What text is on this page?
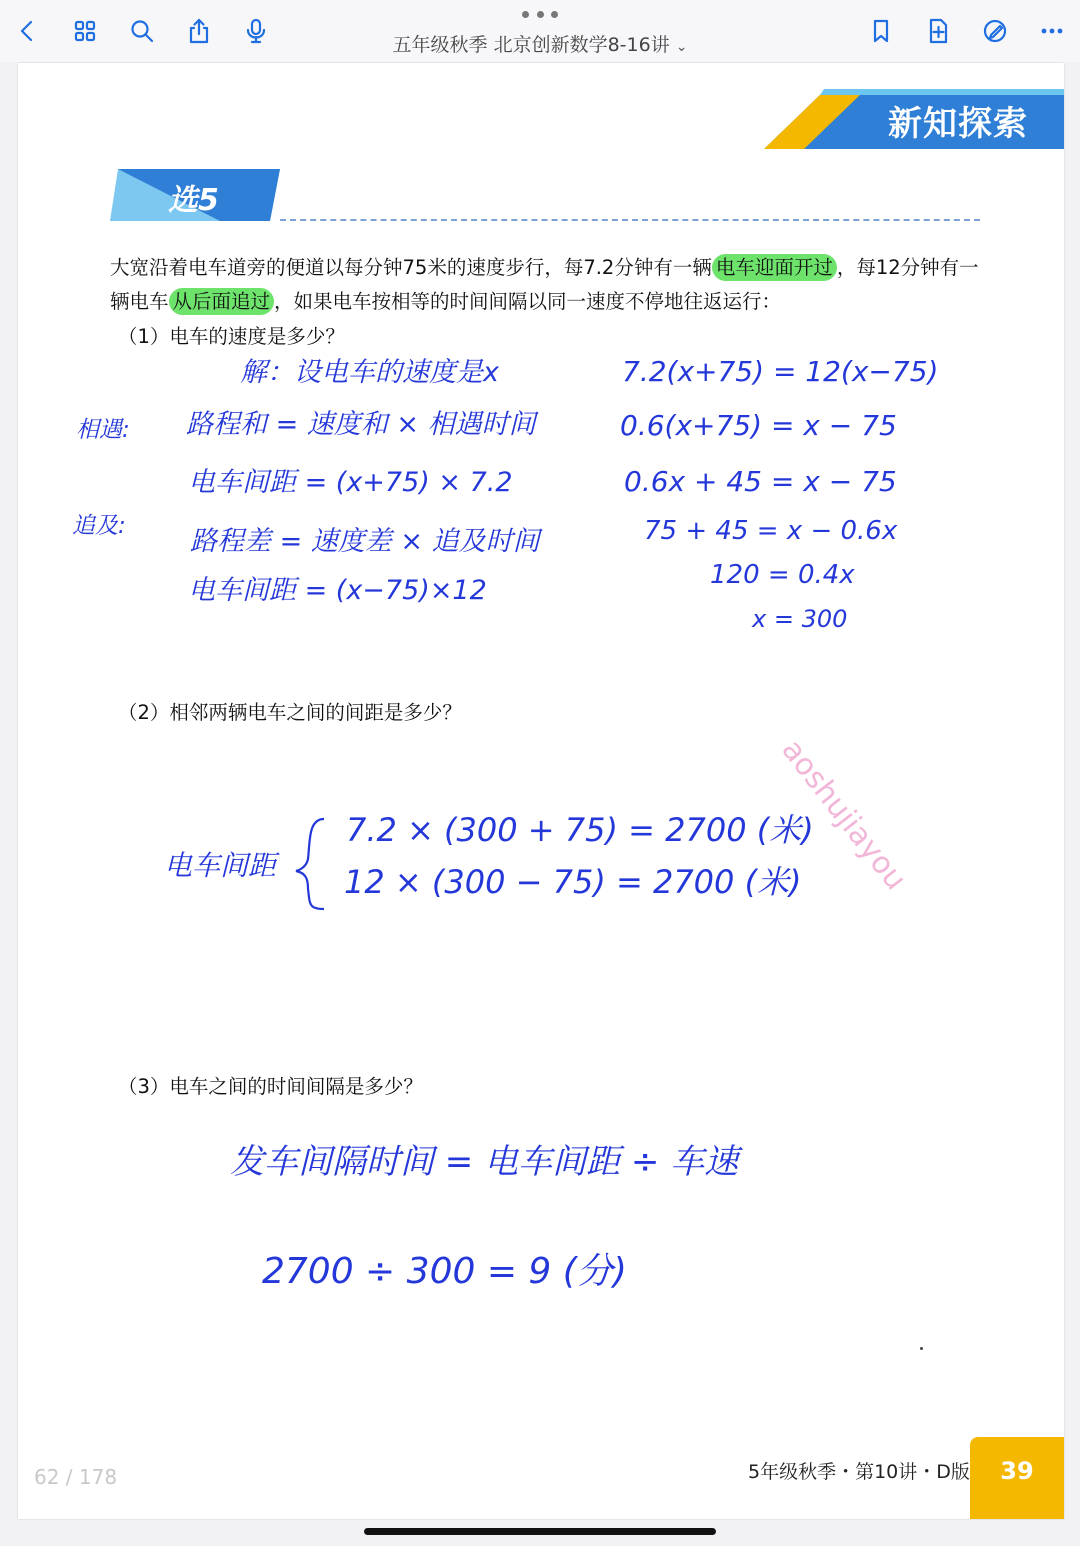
五年级秋季 北京创新数学8-16讲 ⌄
新知探索
选5
大宽沿着电车道旁的便道以每分钟75米的速度步行，每7.2分钟有一辆 电车迎面开过 ，每12分钟有一辆电车 从后面追过 ，如果电车按相等的时间间隔以同一速度不停地往返运行：
（1）电车的速度是多少？
解：设电车的速度是x
相遇: 路程和 = 速度和 × 相遇时间
电车间距 = (x+75) × 7.2
追及: 路程差 = 速度差 × 追及时间
电车间距 = (x−75)×12
7.2(x+75) = 12(x−75)
0.6(x+75) = x − 75
0.6x + 45 = x − 75
75 + 45 = x − 0.6x
120 = 0.4x
x = 300
（2）相邻两辆电车之间的间距是多少？
aoshujiayou
电车间距
7.2 × (300 + 75) = 2700 (米)
12 × (300 − 75) = 2700 (米)
（3）电车之间的时间间隔是多少？
发车间隔时间 = 电车间距 ÷ 车速
2700 ÷ 300 = 9 (分)
62 / 178	5年级秋季・第10讲・D版	39
